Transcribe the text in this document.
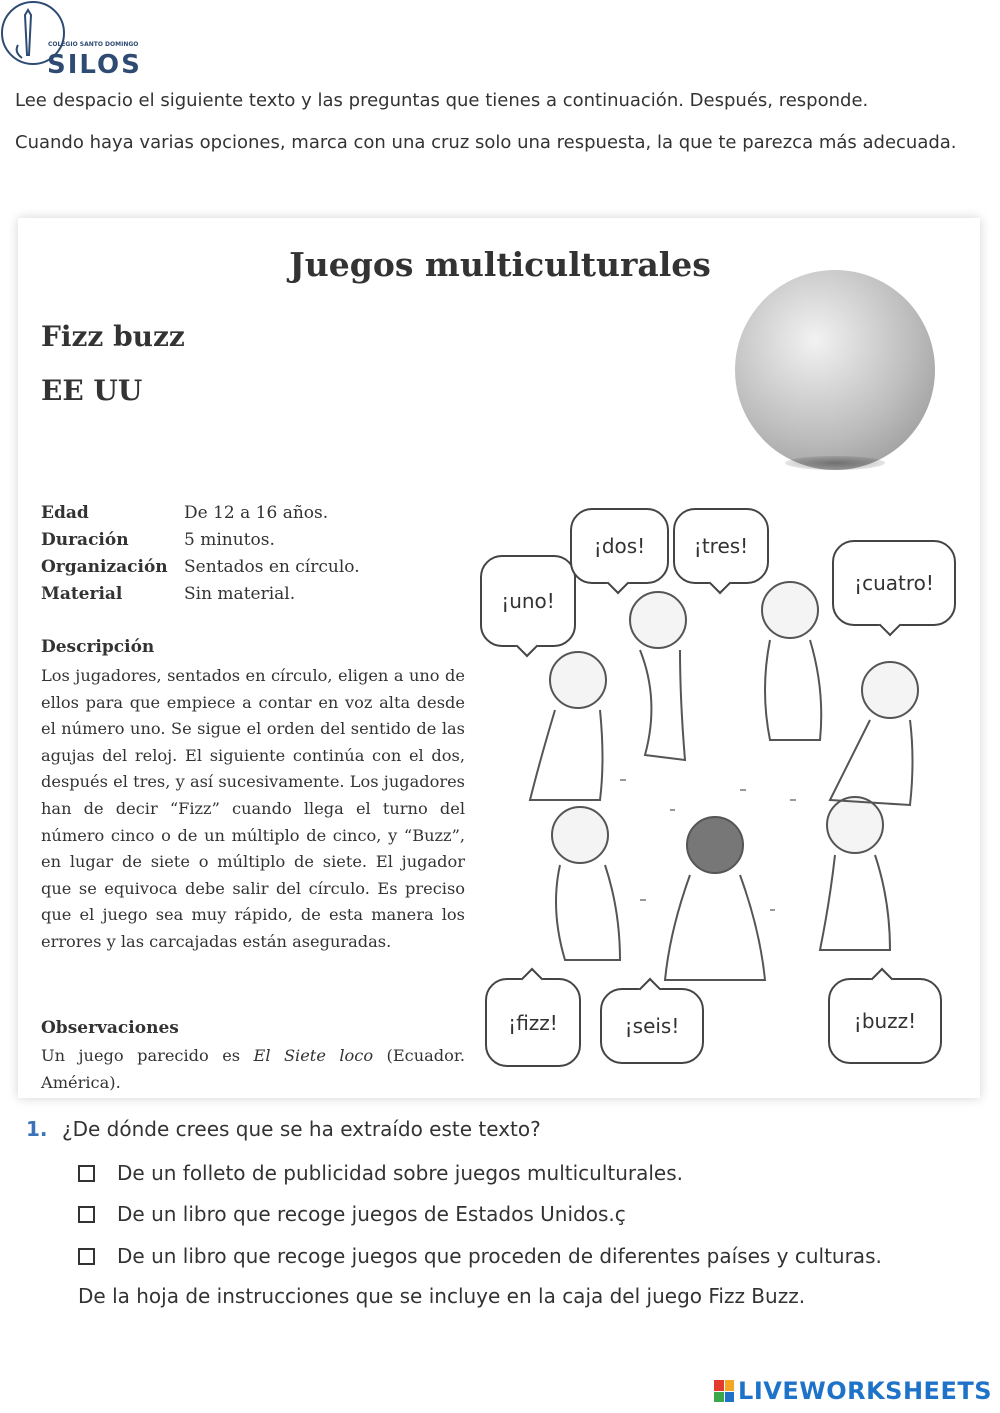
COLEGIO SANTO DOMINGO
SILOS
Lee despacio el siguiente texto y las preguntas que tienes a continuación. Después, responde.
Cuando haya varias opciones, marca con una cruz solo una respuesta, la que te parezca más adecuada.
Juegos multiculturales
Fizz buzz
EE UU
Edad	De 12 a 16 años.
Duración	5 minutos.
Organización Sentados en círculo.
Material	Sin material.
Descripción
Los jugadores, sentados en círculo, eligen a uno de ellos para que empiece a contar en voz alta desde el número uno. Se sigue el orden del sentido de las agujas del reloj. El siguiente continúa con el dos, después el tres, y así sucesivamente. Los jugadores han de decir “Fizz” cuando llega el turno del número cinco o de un múltiplo de cinco, y “Buzz”, en lugar de siete o múltiplo de siete. El jugador que se equivoca debe salir del círculo. Es preciso que el juego sea muy rápido, de esta manera los errores y las carcajadas están aseguradas.
Observaciones
Un juego parecido es El Siete loco (Ecuador. América).
¡uno!
¡dos!	¡tres!
¡cuatro!
¡fizz!	¡seis!	¡buzz!
1. ¿De dónde crees que se ha extraído este texto?
De un folleto de publicidad sobre juegos multiculturales.
De un libro que recoge juegos de Estados Unidos.ç
De un libro que recoge juegos que proceden de diferentes países y culturas.
De la hoja de instrucciones que se incluye en la caja del juego Fizz Buzz.
LIVEWORKSHEETS
